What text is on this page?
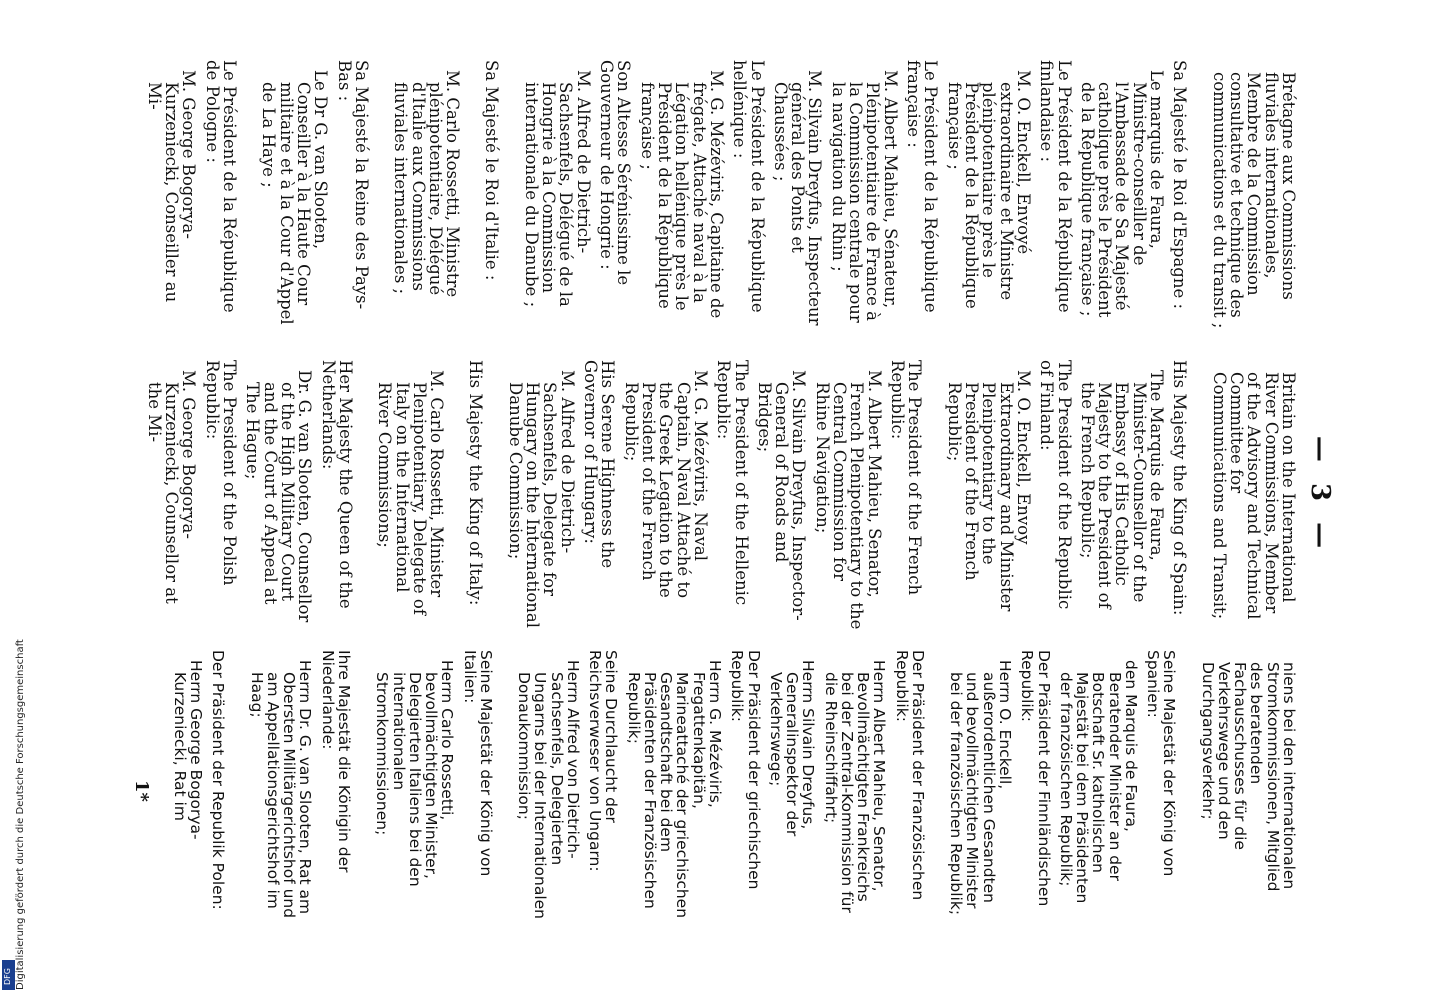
— 3 —
Brétagne aux Commissions fluviales internationales, Membre de la Commission consultative et technique des communications et du transit ;
Sa Majesté le Roi d'Espagne :
Le marquis de Faura, Ministre-conseiller de l'Ambassade de Sa Majesté catholique près le Président de la République française ;
Le Président de la République finlandaise :
M. O. Enckell, Envoyé extraordinaire et Ministre plénipotentiaire près le Président de la République française ;
Le Président de la République française :
M. Albert Mahieu, Sénateur, Plénipotentiaire de France à la Commission centrale pour la navigation du Rhin ;
M. Silvain Dreyfus, Inspecteur général des Ponts et Chaussées ;
Le Président de la République hellénique :
M. G. Mézéviris, Capitaine de frégate, Attaché naval à la Légation hellénique près le Président de la République française ;
Son Altesse Sérénissime le Gouverneur de Hongrie :
M. Alfred de Dietrich-Sachsenfels, Délégué de la Hongrie à la Commission internationale du Danube ;
Sa Majesté le Roi d'Italie :
M. Carlo Rossetti, Ministre plénipotentiaire, Délégué d'Italie aux Commissions fluviales internationales ;
Sa Majesté la Reine des Pays-Bas :
Le Dr G. van Slooten, Conseiller à la Haute Cour militaire et à la Cour d'Appel de La Haye ;
Le Président de la République de Pologne :
M. George Bogorya-Kurzeniecki, Conseiller au Mi-
Britain on the International River Commissions, Member of the Advisory and Technical Committee for Communications and Transit;
His Majesty the King of Spain:
The Marquis de Faura, Minister-Counsellor of the Embassy of His Catholic Majesty to the President of the French Republic;
The President of the Republic of Finland:
M. O. Enckell, Envoy Extraordinary and Minister Plenipotentiary to the President of the French Republic;
The President of the French Republic:
M. Albert Mahieu, Senator, French Plenipotentiary to the Central Commission for Rhine Navigation;
M. Silvain Dreyfus, Inspector-General of Roads and Bridges;
The President of the Hellenic Republic:
M. G. Mézéviris, Naval Captain, Naval Attaché to the Greek Legation to the President of the French Republic;
His Serene Highness the Governor of Hungary:
M. Alfred de Dietrich-Sachsenfels, Delegate for Hungary on the International Danube Commission;
His Majesty the King of Italy:
M. Carlo Rossetti, Minister Plenipotentiary, Delegate of Italy on the International River Commissions;
Her Majesty the Queen of the Netherlands:
Dr. G. van Slooten, Counsellor of the High Military Court and the Court of Appeal at The Hague;
The President of the Polish Republic:
M. George Bogorya-Kurzeniecki, Counsellor at the Mi-
niens bei den internationalen Stromkommissionen, Mitglied des beratenden Fachausschusses für die Verkehrswege und den Durchgangsverkehr;
Seine Majestät der König von Spanien:
den Marquis de Faura, Beratender Minister an der Botschaft Sr. katholischen Majestät bei dem Präsidenten der französischen Republik;
Der Präsident der Finnländischen Republik:
Herrn O. Enckell, außerordentlichen Gesandten und bevollmächtigten Minister bei der französischen Republik;
Der Präsident der Französischen Republik:
Herrn Albert Mahieu, Senator, Bevollmächtigten Frankreichs bei der Zentral-Kommission für die Rheinschiffahrt;
Herrn Silvain Dreyfus, Generalinspektor der Verkehrswege;
Der Präsident der griechischen Republik:
Herrn G. Mézéviris, Fregattenkapitän, Marineattaché der griechischen Gesandtschaft bei dem Präsidenten der Französischen Republik;
Seine Durchlaucht der Reichsverweser von Ungarn:
Herrn Alfred von Dietrich-Sachsenfels, Delegierten Ungarns bei der Internationalen Donaukommission;
Seine Majestät der König von Italien:
Herrn Carlo Rossetti, bevollmächtigten Minister, Delegierten Italiens bei den internationalen Stromkommissionen;
Ihre Majestät die Königin der Niederlande:
Herrn Dr. G. van Slooten, Rat am Obersten Militärgerichtshof und am Appellationsgerichtshof im Haag;
Der Präsident der Republik Polen:
Herrn George Bogorya-Kurzeniecki, Rat im
1*
Digitalisierung gefördert durch die Deutsche Forschungsgemeinschaft
DFG
